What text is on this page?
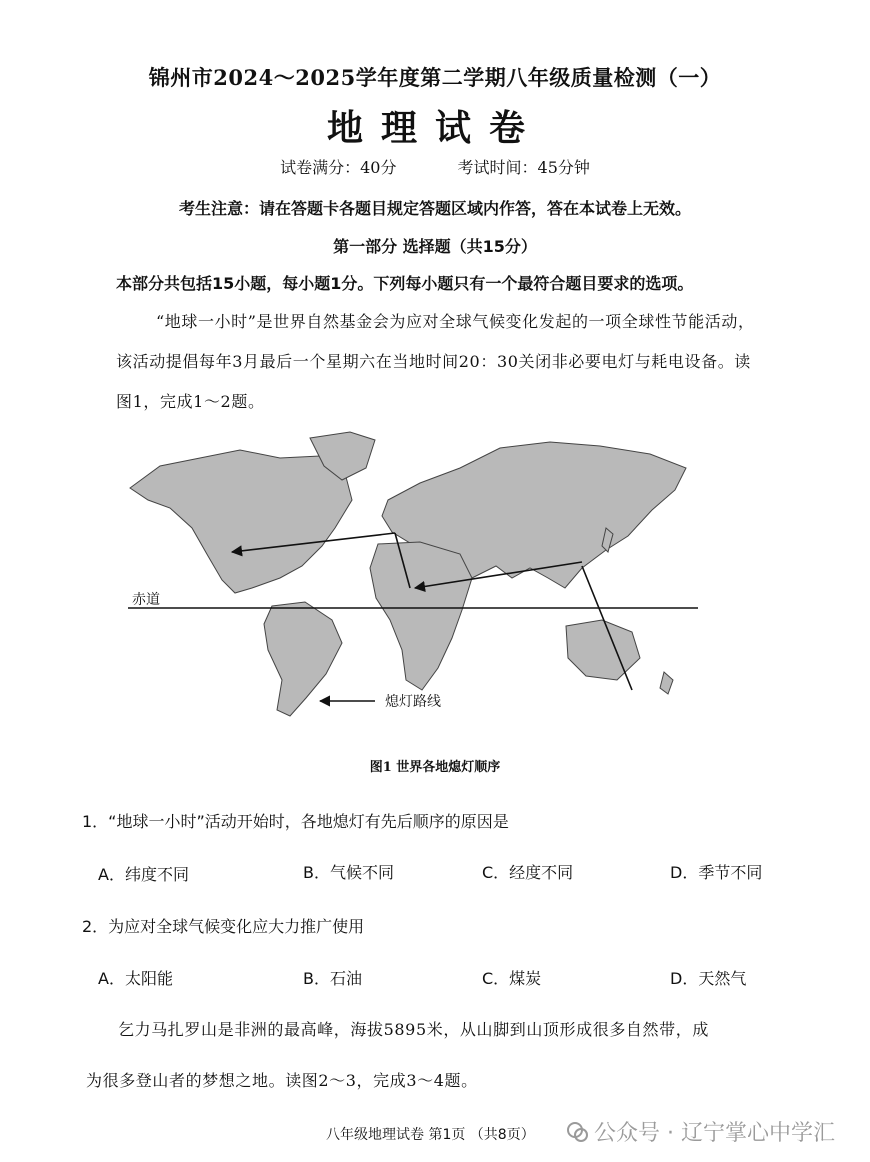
锦州市2024～2025学年度第二学期八年级质量检测（一）
地理试卷
试卷满分：40分	考试时间：45分钟
考生注意：请在答题卡各题目规定答题区域内作答，答在本试卷上无效。
第一部分 选择题（共15分）
本部分共包括15小题，每小题1分。下列每小题只有一个最符合题目要求的选项。
“地球一小时”是世界自然基金会为应对全球气候变化发起的一项全球性节能活动，
该活动提倡每年3月最后一个星期六在当地时间20：30关闭非必要电灯与耗电设备。读
图1，完成1～2题。
赤道
熄灯路线
图1 世界各地熄灯顺序
1．“地球一小时”活动开始时，各地熄灯有先后顺序的原因是
A．纬度不同	B．气候不同	C．经度不同	D．季节不同
2．为应对全球气候变化应大力推广使用
A．太阳能	B．石油	C．煤炭	D．天然气
乞力马扎罗山是非洲的最高峰，海拔5895米，从山脚到山顶形成很多自然带，成
为很多登山者的梦想之地。读图2～3，完成3～4题。
八年级地理试卷 第1页 （共8页）	公众号 · 辽宁掌心中学汇
